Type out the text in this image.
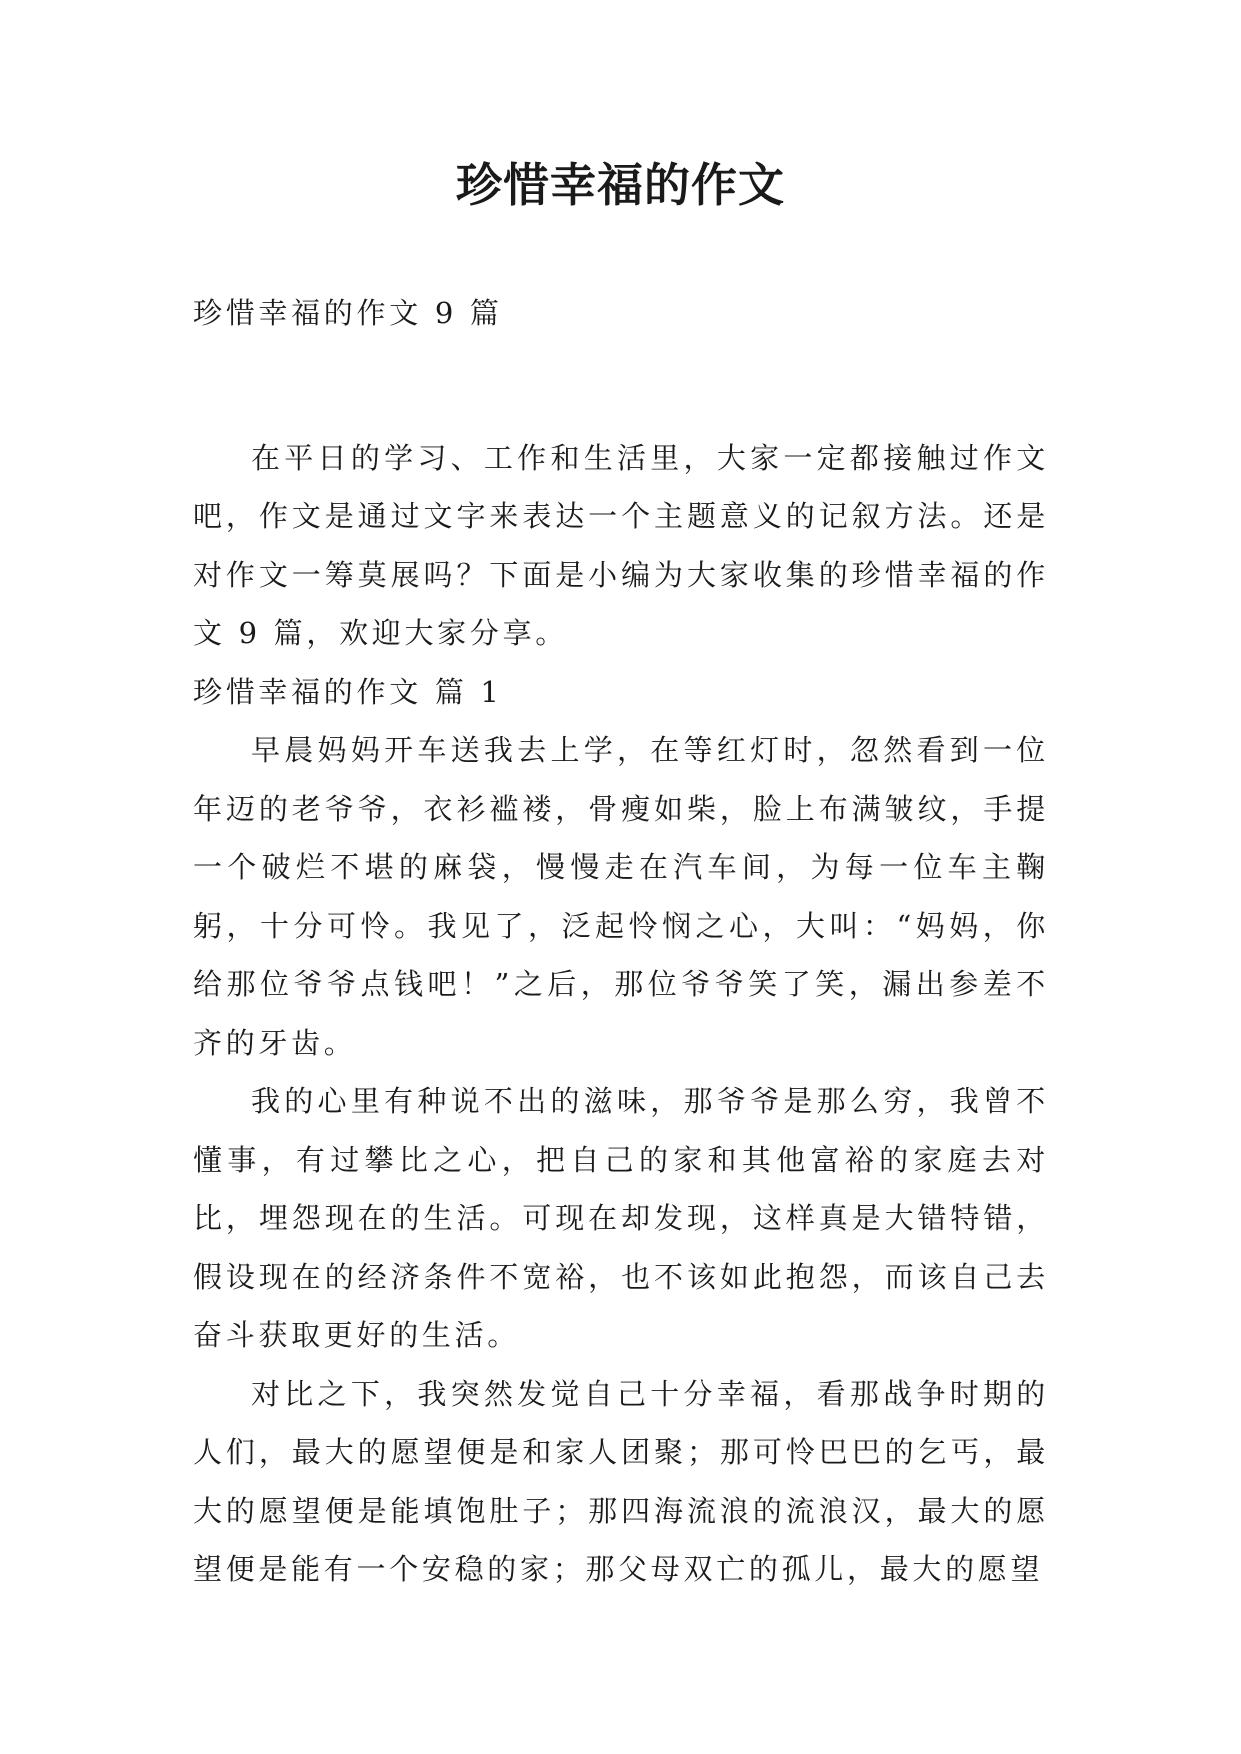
珍惜幸福的作文

珍惜幸福的作文 9 篇

在平日的学习、工作和生活里，大家一定都接触过作文吧，作文是通过文字来表达一个主题意义的记叙方法。还是对作文一筹莫展吗？下面是小编为大家收集的珍惜幸福的作文 9 篇，欢迎大家分享。

珍惜幸福的作文 篇 1

早晨妈妈开车送我去上学，在等红灯时，忽然看到一位年迈的老爷爷，衣衫褴褛，骨瘦如柴，脸上布满皱纹，手提一个破烂不堪的麻袋，慢慢走在汽车间，为每一位车主鞠躬，十分可怜。我见了，泛起怜悯之心，大叫：“妈妈，你给那位爷爷点钱吧！”之后，那位爷爷笑了笑，漏出参差不齐的牙齿。

我的心里有种说不出的滋味，那爷爷是那么穷，我曾不懂事，有过攀比之心，把自己的家和其他富裕的家庭去对比，埋怨现在的生活。可现在却发现，这样真是大错特错，假设现在的经济条件不宽裕，也不该如此抱怨，而该自己去奋斗获取更好的生活。

对比之下，我突然发觉自己十分幸福，看那战争时期的人们，最大的愿望便是和家人团聚；那可怜巴巴的乞丐，最大的愿望便是能填饱肚子；那四海流浪的流浪汉，最大的愿望便是能有一个安稳的家；那父母双亡的孤儿，最大的愿望
